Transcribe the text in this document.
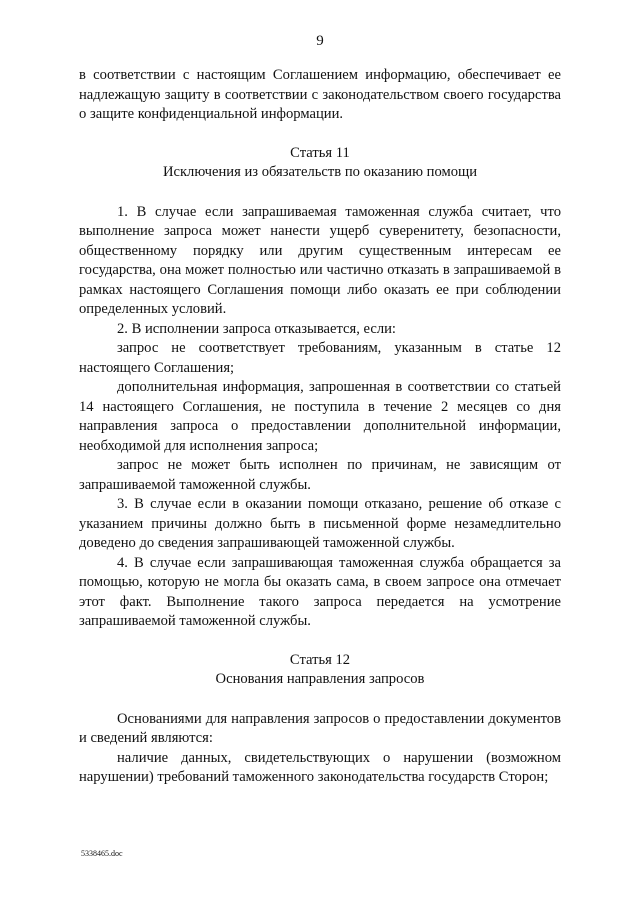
9

в соответствии с настоящим Соглашением информацию, обеспечивает ее надлежащую защиту в соответствии с законодательством своего государства о защите конфиденциальной информации.

Статья 11
Исключения из обязательств по оказанию помощи

1. В случае если запрашиваемая таможенная служба считает, что выполнение запроса может нанести ущерб суверенитету, безопасности, общественному порядку или другим существенным интересам ее государства, она может полностью или частично отказать в запрашиваемой в рамках настоящего Соглашения помощи либо оказать ее при соблюдении определенных условий.

2. В исполнении запроса отказывается, если:

запрос не соответствует требованиям, указанным в статье 12 настоящего Соглашения;

дополнительная информация, запрошенная в соответствии со статьей 14 настоящего Соглашения, не поступила в течение 2 месяцев со дня направления запроса о предоставлении дополнительной информации, необходимой для исполнения запроса;

запрос не может быть исполнен по причинам, не зависящим от запрашиваемой таможенной службы.

3. В случае если в оказании помощи отказано, решение об отказе с указанием причины должно быть в письменной форме незамедлительно доведено до сведения запрашивающей таможенной службы.

4. В случае если запрашивающая таможенная служба обращается за помощью, которую не могла бы оказать сама, в своем запросе она отмечает этот факт. Выполнение такого запроса передается на усмотрение запрашиваемой таможенной службы.

Статья 12
Основания направления запросов

Основаниями для направления запросов о предоставлении документов и сведений являются:

наличие данных, свидетельствующих о нарушении (возможном нарушении) требований таможенного законодательства государств Сторон;

5338465.doc
